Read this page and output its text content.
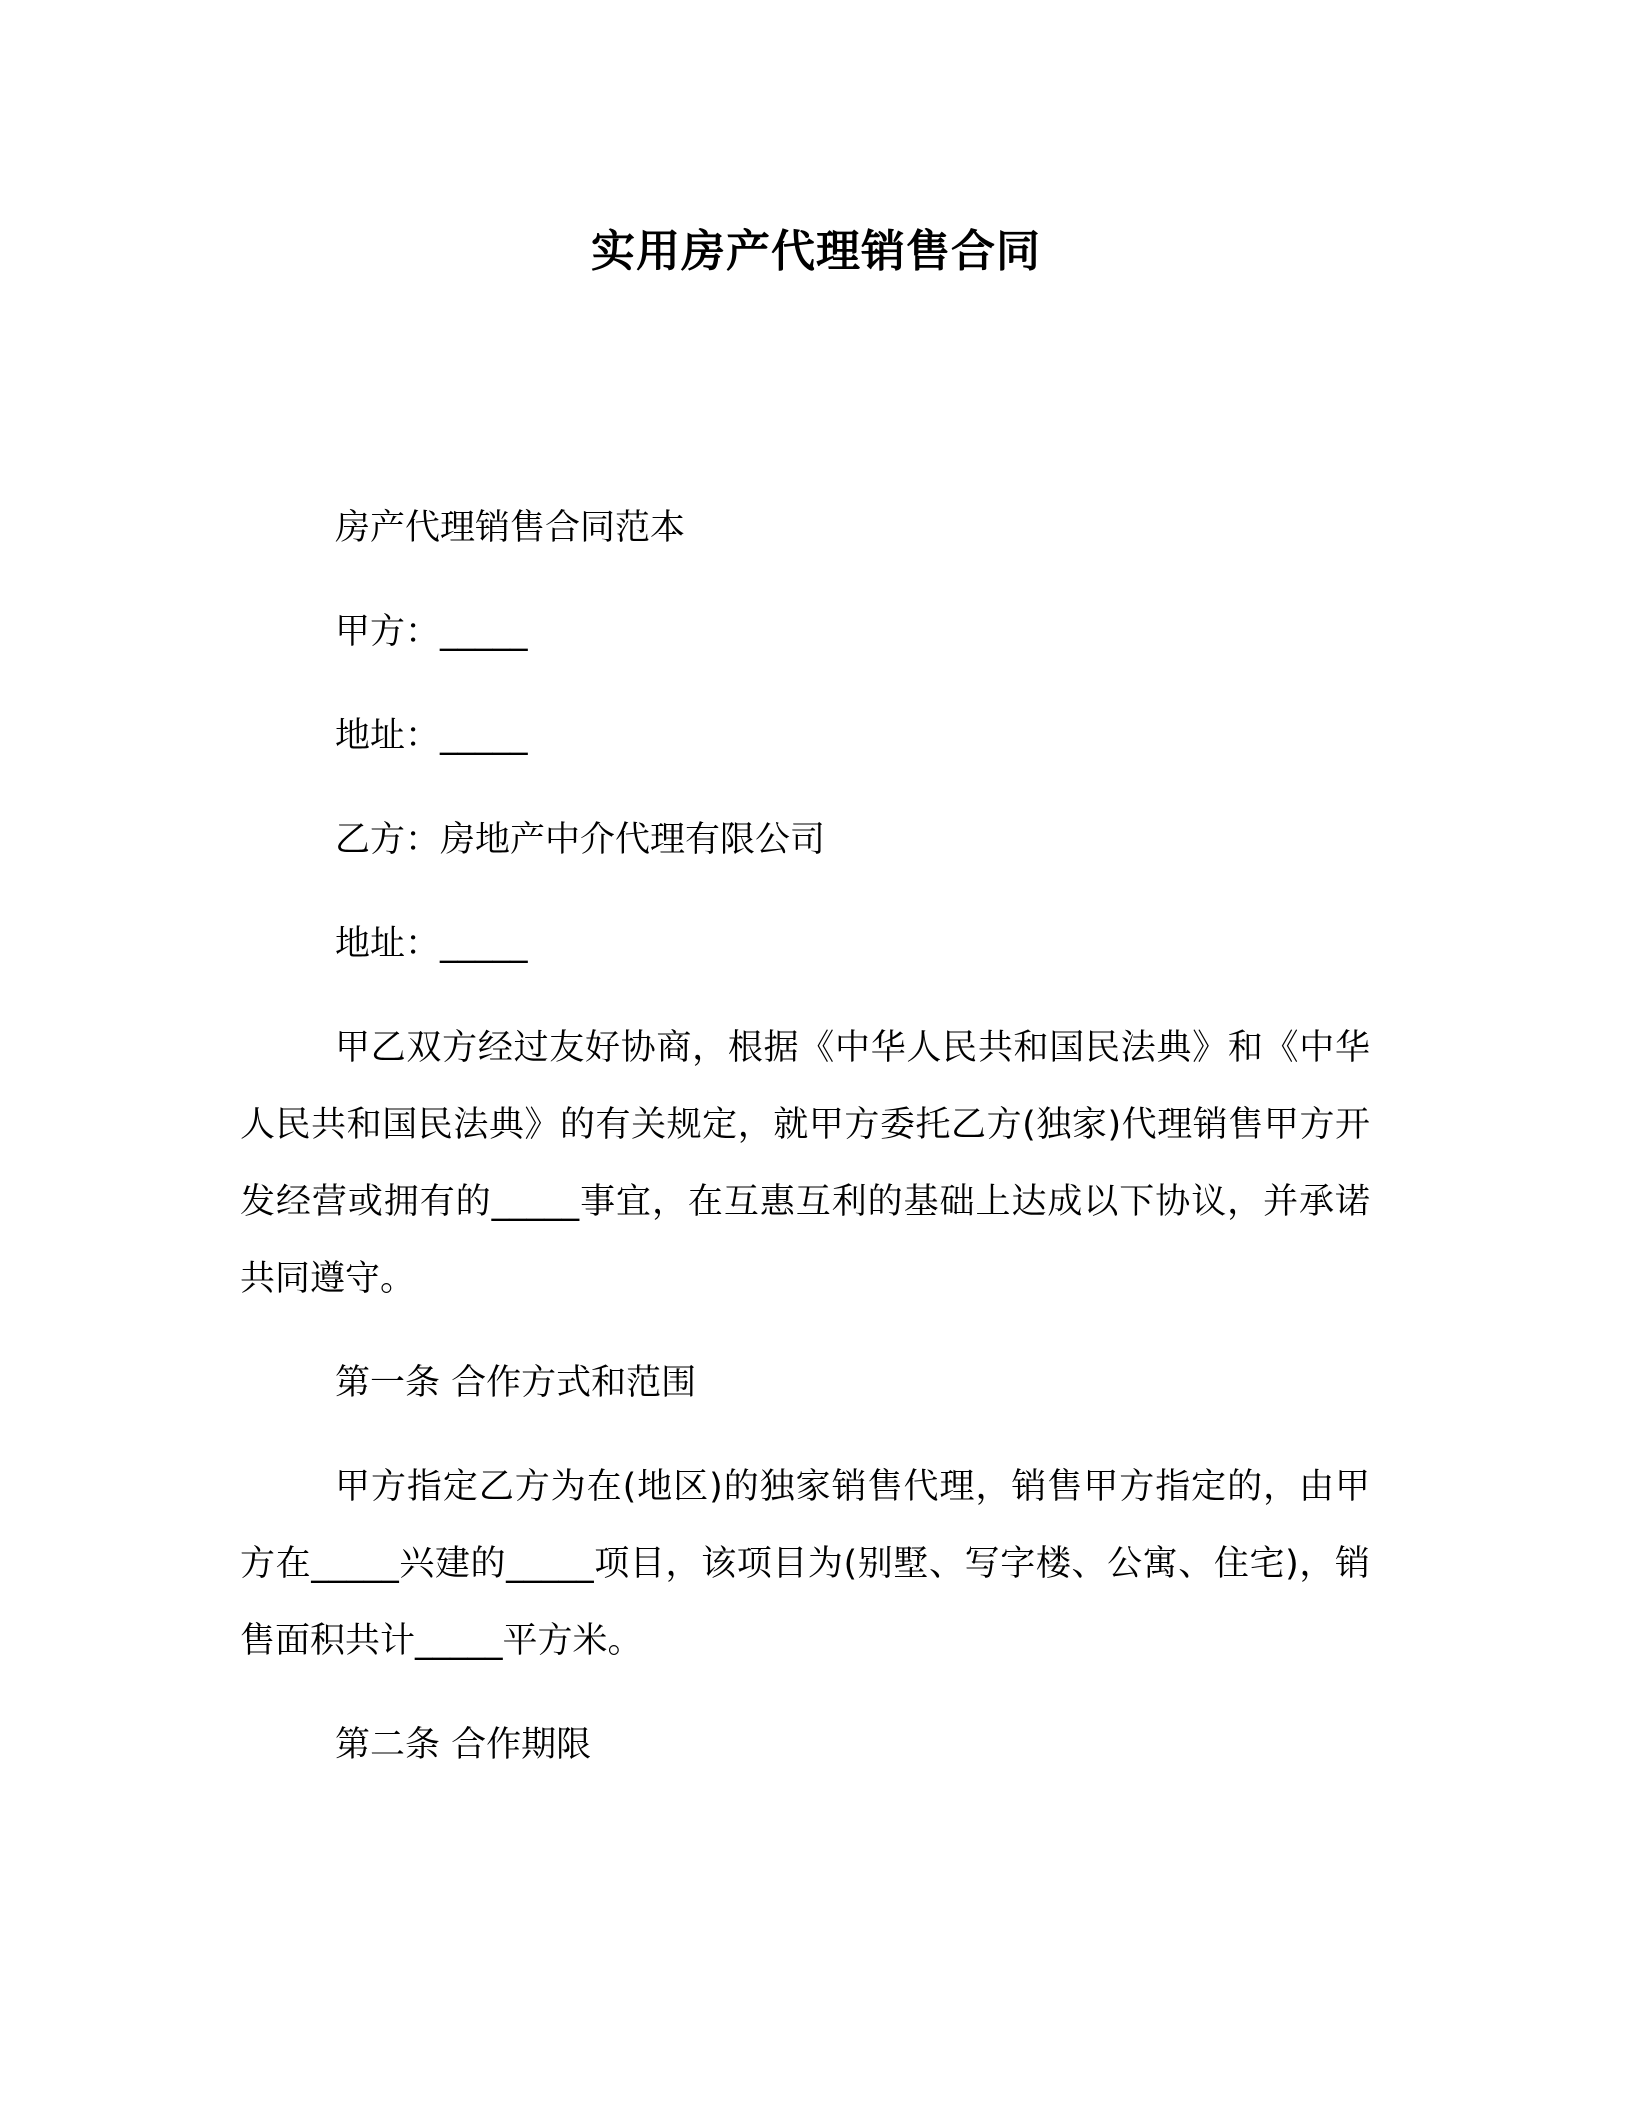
实用房产代理销售合同

房产代理销售合同范本

甲方：_____

地址：_____

乙方：房地产中介代理有限公司

地址：_____

甲乙双方经过友好协商，根据《中华人民共和国民法典》和《中华人民共和国民法典》的有关规定，就甲方委托乙方(独家)代理销售甲方开发经营或拥有的_____事宜，在互惠互利的基础上达成以下协议，并承诺共同遵守。

第一条 合作方式和范围

甲方指定乙方为在(地区)的独家销售代理，销售甲方指定的，由甲方在_____兴建的_____项目，该项目为(别墅、写字楼、公寓、住宅)，销售面积共计_____平方米。

第二条 合作期限
